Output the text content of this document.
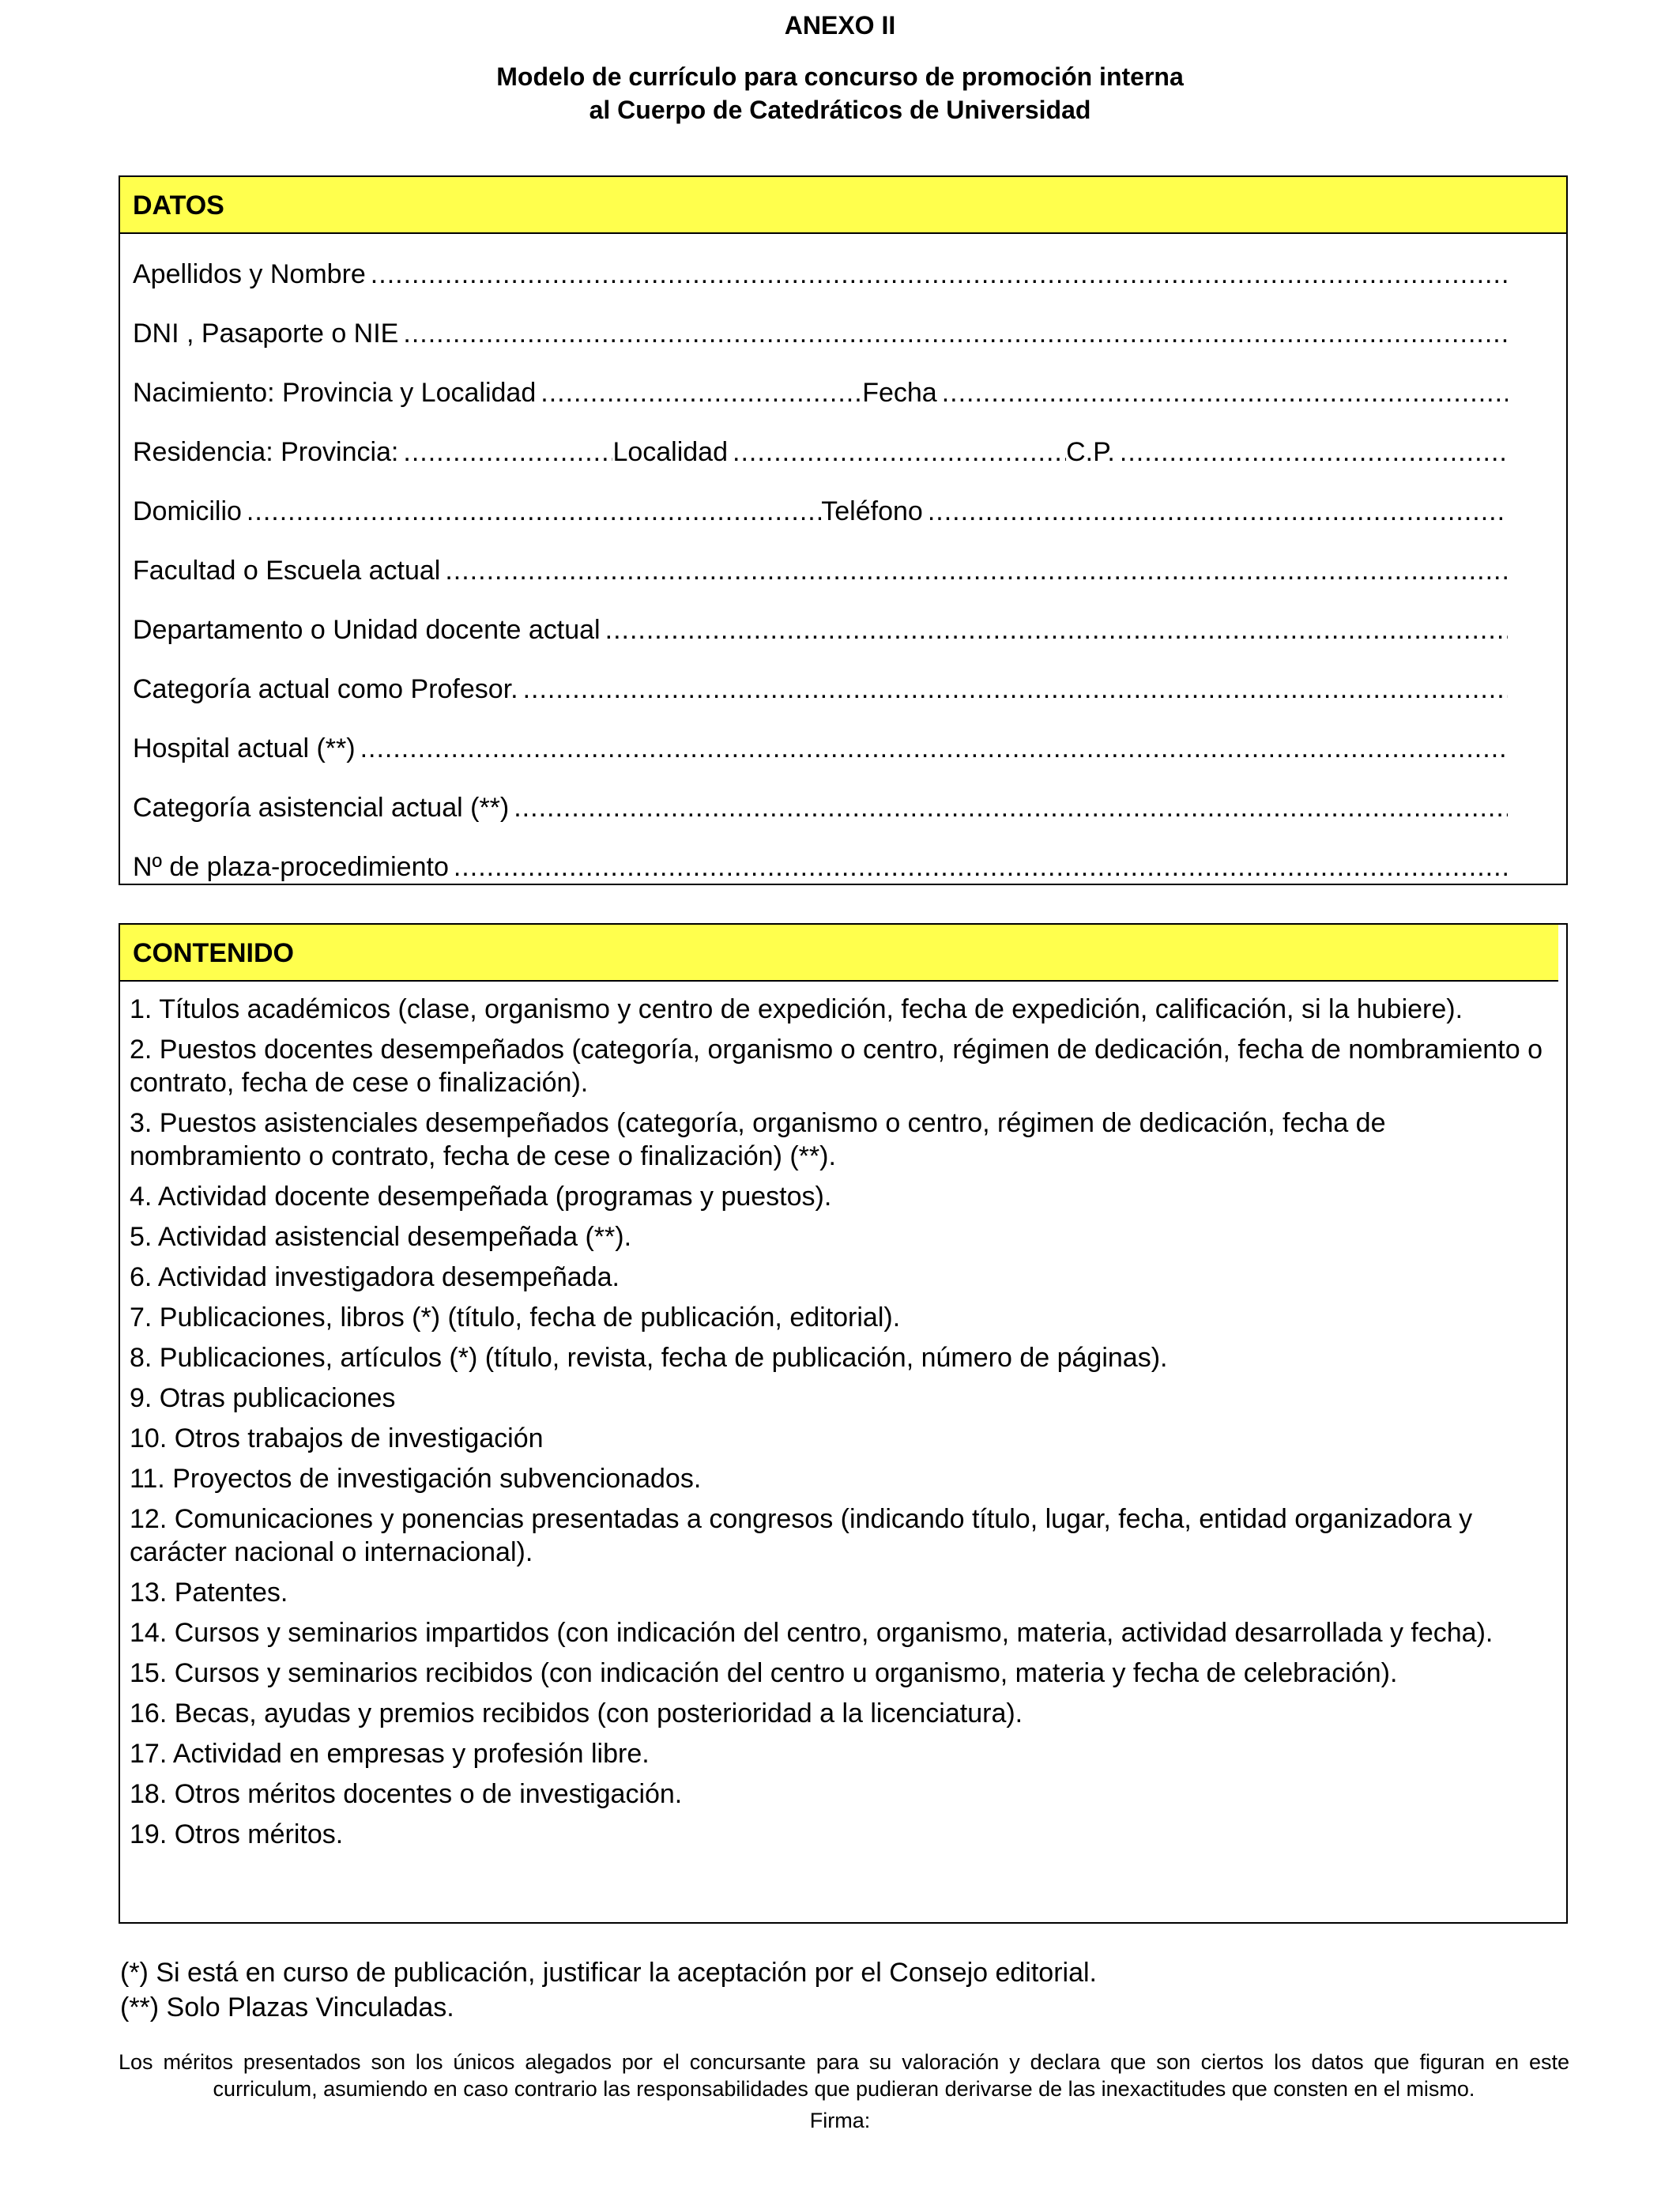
ANEXO II
Modelo de currículo para concurso de promoción interna
al Cuerpo de Catedráticos de Universidad
DATOS
Apellidos y Nombre
.....
DNI , Pasaporte o NIE
.....
Nacimiento: Provincia y Localidad .....	Fecha
.....
Residencia: Provincia: .....	Localidad .....	C.P.
.....
Domicilio .....	Teléfono
.....
Facultad o Escuela actual
.....
Departamento o Unidad docente actual
.....
Categoría actual como Profesor.
.....
Hospital actual (**)
.....
Categoría asistencial actual (**)
.....
Nº de plaza-procedimiento
.....
CONTENIDO
1. Títulos académicos (clase, organismo y centro de expedición, fecha de expedición, calificación, si la hubiere).
2. Puestos docentes desempeñados (categoría, organismo o centro, régimen de dedicación, fecha de nombramiento o contrato, fecha de cese o finalización).
3. Puestos asistenciales desempeñados (categoría, organismo o centro, régimen de dedicación, fecha de nombramiento o contrato, fecha de cese o finalización) (**).
4. Actividad docente desempeñada (programas y puestos).
5. Actividad asistencial desempeñada (**).
6. Actividad investigadora desempeñada.
7. Publicaciones, libros (*) (título, fecha de publicación, editorial).
8. Publicaciones, artículos (*) (título, revista, fecha de publicación, número de páginas).
9. Otras publicaciones
10. Otros trabajos de investigación
11. Proyectos de investigación subvencionados.
12. Comunicaciones y ponencias presentadas a congresos (indicando título, lugar, fecha, entidad organizadora y carácter nacional o internacional).
13. Patentes.
14. Cursos y seminarios impartidos (con indicación del centro, organismo, materia, actividad desarrollada y fecha).
15. Cursos y seminarios recibidos (con indicación del centro u organismo, materia y fecha de celebración).
16. Becas, ayudas y premios recibidos (con posterioridad a la licenciatura).
17. Actividad en empresas y profesión libre.
18. Otros méritos docentes o de investigación.
19. Otros méritos.
(*) Si está en curso de publicación, justificar la aceptación por el Consejo editorial.
(**) Solo Plazas Vinculadas.
Los méritos presentados son los únicos alegados por el concursante para su valoración y declara que son ciertos los datos que figuran en este curriculum, asumiendo en caso contrario las responsabilidades que pudieran derivarse de las inexactitudes que consten en el mismo.
Firma:
